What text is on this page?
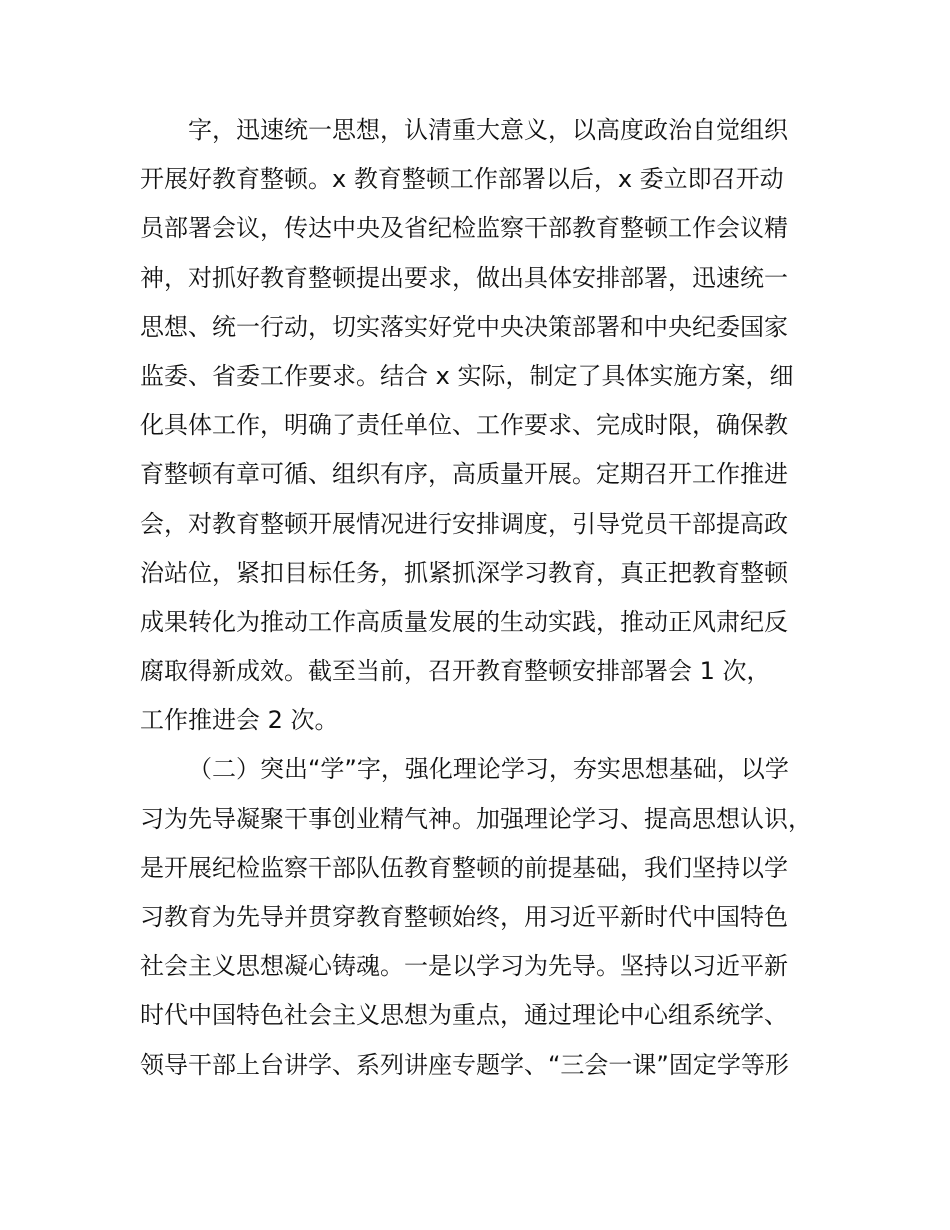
字，迅速统一思想，认清重大意义，以高度政治自觉组织
开展好教育整顿。x 教育整顿工作部署以后，x 委立即召开动
员部署会议，传达中央及省纪检监察干部教育整顿工作会议精
神，对抓好教育整顿提出要求，做出具体安排部署，迅速统一
思想、统一行动，切实落实好党中央决策部署和中央纪委国家
监委、省委工作要求。结合 x 实际，制定了具体实施方案，细
化具体工作，明确了责任单位、工作要求、完成时限，确保教
育整顿有章可循、组织有序，高质量开展。定期召开工作推进
会，对教育整顿开展情况进行安排调度，引导党员干部提高政
治站位，紧扣目标任务，抓紧抓深学习教育，真正把教育整顿
成果转化为推动工作高质量发展的生动实践，推动正风肃纪反
腐取得新成效。截至当前，召开教育整顿安排部署会 1 次，
工作推进会 2 次。
（二）突出“学”字，强化理论学习，夯实思想基础，以学
习为先导凝聚干事创业精气神。加强理论学习、提高思想认识，
是开展纪检监察干部队伍教育整顿的前提基础，我们坚持以学
习教育为先导并贯穿教育整顿始终，用习近平新时代中国特色
社会主义思想凝心铸魂。一是以学习为先导。坚持以习近平新
时代中国特色社会主义思想为重点，通过理论中心组系统学、
领导干部上台讲学、系列讲座专题学、“三会一课”固定学等形
